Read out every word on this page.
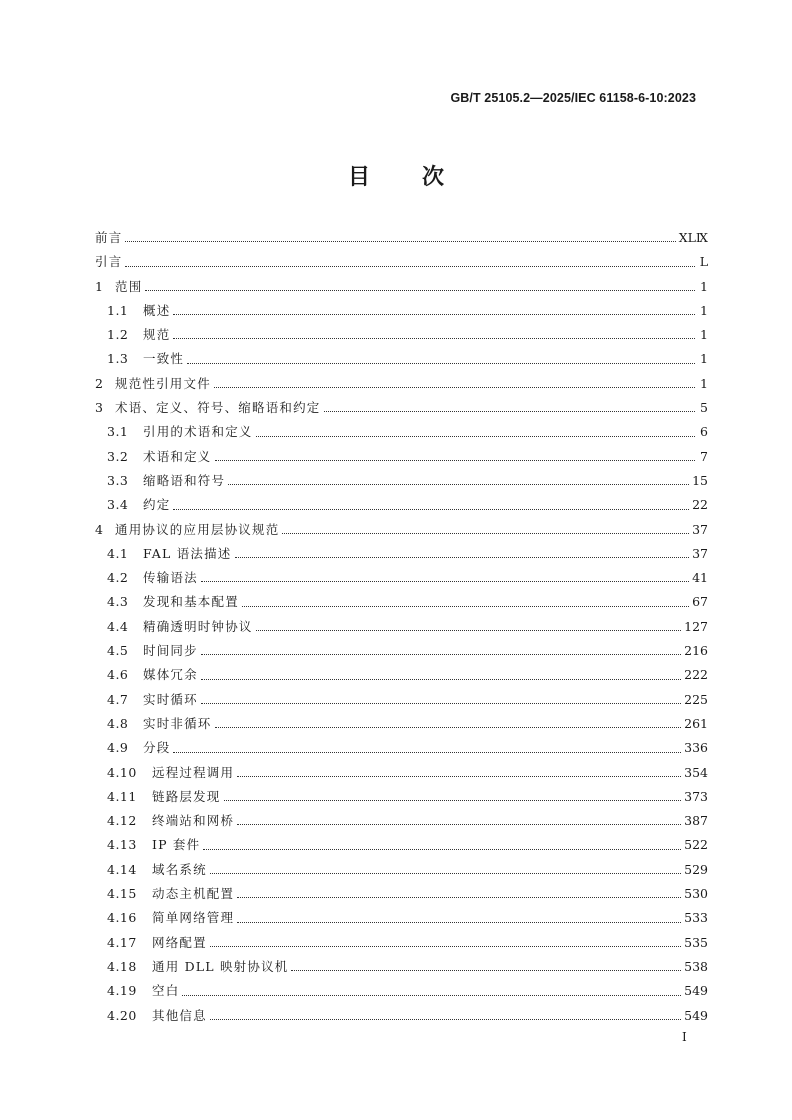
GB/T 25105.2—2025/IEC 61158-6-10:2023
目 次
前言	XLⅨ
引言	L
1 范围	1
1.1	概述	1
1.2	规范	1
1.3	一致性	1
2 规范性引用文件	1
3 术语、定义、符号、缩略语和约定	5
3.1	引用的术语和定义	6
3.2	术语和定义	7
3.3	缩略语和符号	15
3.4	约定	22
4 通用协议的应用层协议规范	37
4.1	FAL 语法描述	37
4.2	传输语法	41
4.3	发现和基本配置	67
4.4	精确透明时钟协议	127
4.5	时间同步	216
4.6	媒体冗余	222
4.7	实时循环	225
4.8	实时非循环	261
4.9	分段	336
4.10	远程过程调用	354
4.11	链路层发现	373
4.12	终端站和网桥	387
4.13	IP 套件	522
4.14	域名系统	529
4.15	动态主机配置	530
4.16	简单网络管理	533
4.17	网络配置	535
4.18	通用 DLL 映射协议机	538
4.19	空白	549
4.20	其他信息	549
I
